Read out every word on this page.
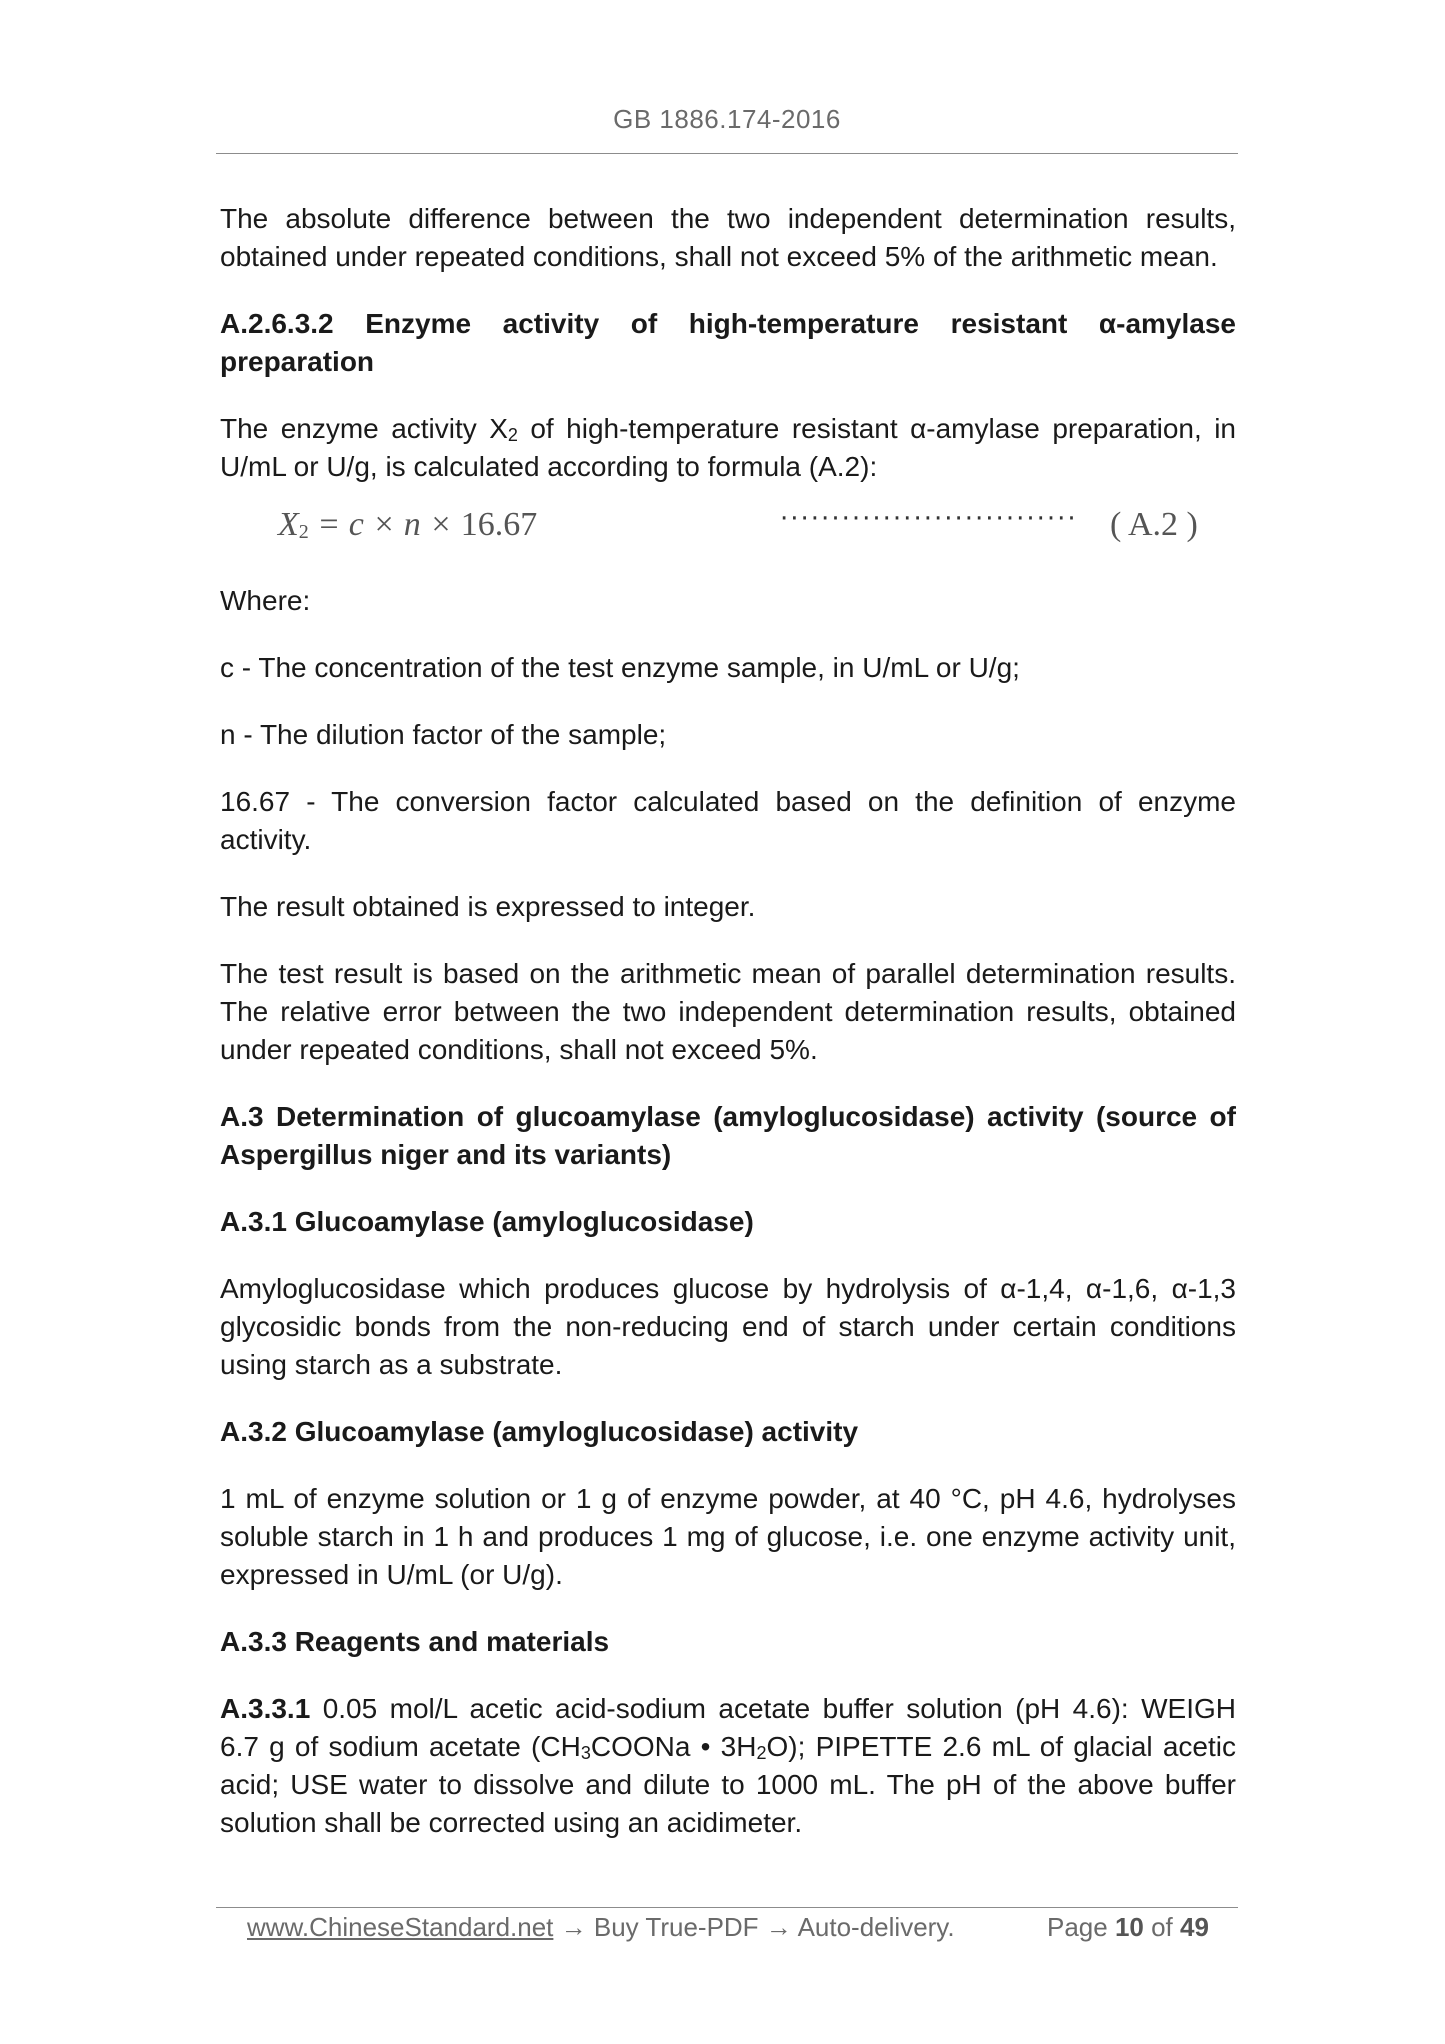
GB 1886.174-2016

The absolute difference between the two independent determination results, obtained under repeated conditions, shall not exceed 5% of the arithmetic mean.

A.2.6.3.2 Enzyme activity of high-temperature resistant α-amylase preparation

The enzyme activity $X_2$ of high-temperature resistant α-amylase preparation, in U/mL or U/g, is calculated according to formula (A.2):

$X_2 = c \times n \times 16.67$	····························· ( A.2 )

Where:

c - The concentration of the test enzyme sample, in U/mL or U/g;

n - The dilution factor of the sample;

16.67 - The conversion factor calculated based on the definition of enzyme activity.

The result obtained is expressed to integer.

The test result is based on the arithmetic mean of parallel determination results. The relative error between the two independent determination results, obtained under repeated conditions, shall not exceed 5%.

A.3 Determination of glucoamylase (amyloglucosidase) activity (source of Aspergillus niger and its variants)
A.3.1 Glucoamylase (amyloglucosidase)

Amyloglucosidase which produces glucose by hydrolysis of α-1,4, α-1,6, α-1,3 glycosidic bonds from the non-reducing end of starch under certain conditions using starch as a substrate.

A.3.2 Glucoamylase (amyloglucosidase) activity

1 mL of enzyme solution or 1 g of enzyme powder, at 40 °C, pH 4.6, hydrolyses soluble starch in 1 h and produces 1 mg of glucose, i.e. one enzyme activity unit, expressed in U/mL (or U/g).

A.3.3 Reagents and materials

A.3.3.1 0.05 mol/L acetic acid-sodium acetate buffer solution (pH 4.6): WEIGH 6.7 g of sodium acetate ($CH_3COONa$ • $3H_2O$); PIPETTE 2.6 mL of glacial acetic acid; USE water to dissolve and dilute to 1000 mL. The pH of the above buffer solution shall be corrected using an acidimeter.

www.ChineseStandard.net → Buy True-PDF → Auto-delivery.	Page 10 of 49
